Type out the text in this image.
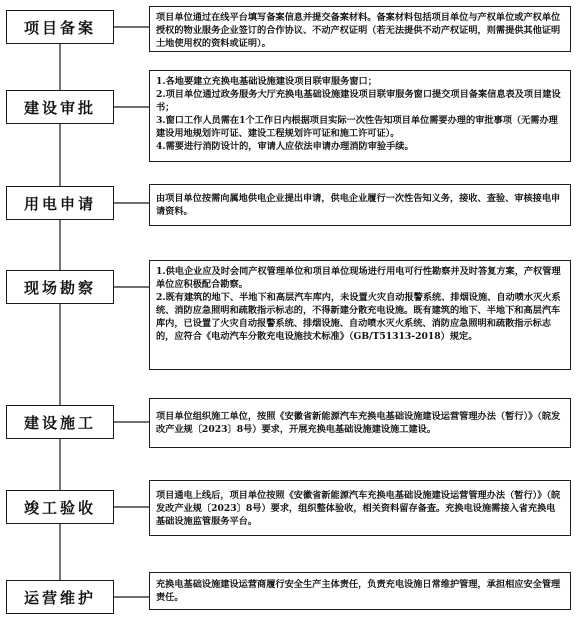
项目备案
项目单位通过在线平台填写备案信息并提交备案材料。备案材料包括项目单位与产权单位或产权单位授权的物业服务企业签订的合作协议、不动产权证明（若无法提供不动产权证明，则需提供其他证明土地使用权的资料或证明）。
建设审批
1.各地要建立充换电基础设施建设项目联审服务窗口；
2.项目单位通过政务服务大厅充换电基础设施建设项目联审服务窗口提交项目备案信息表及项目建设书；
3.窗口工作人员需在1个工作日内根据项目实际一次性告知项目单位需要办理的审批事项（无需办理建设用地规划许可证、建设工程规划许可证和施工许可证）。
4.需要进行消防设计的，审请人应依法申请办理消防审验手续。
用电申请	由项目单位按需向属地供电企业提出申请，供电企业履行一次性告知义务，接收、查验、审核接电申请资料。
现场勘察
1.供电企业应及时会同产权管理单位和项目单位现场进行用电可行性勘察并及时答复方案，产权管理单位应积极配合勘察。
2.既有建筑的地下、半地下和高层汽车库内，未设置火灾自动报警系统、排烟设施、自动喷水灭火系统、消防应急照明和疏散指示标志的，不得新建分散充电设施。既有建筑的地下、半地下和高层汽车库内，已设置了火灾自动报警系统、排烟设施、自动喷水灭火系统、消防应急照明和疏散指示标志的，应符合《电动汽车分散充电设施技术标准》（GB/T51313-2018）规定。
建设施工	项目单位组织施工单位，按照《安徽省新能源汽车充换电基础设施建设运营管理办法（暂行）》（皖发改产业规〔2023〕8号）要求，开展充换电基础设施建设施工建设。
竣工验收
项目通电上线后，项目单位按照《安徽省新能源汽车充换电基础设施建设运营管理办法（暂行）》（皖发改产业规〔2023〕8号）要求，组织整体验收，相关资料留存备查。充换电设施需接入省充换电基础设施监管服务平台。
运营维护
充换电基础设施建设运营商履行安全生产主体责任，负责充电设施日常维护管理，承担相应安全管理责任。
